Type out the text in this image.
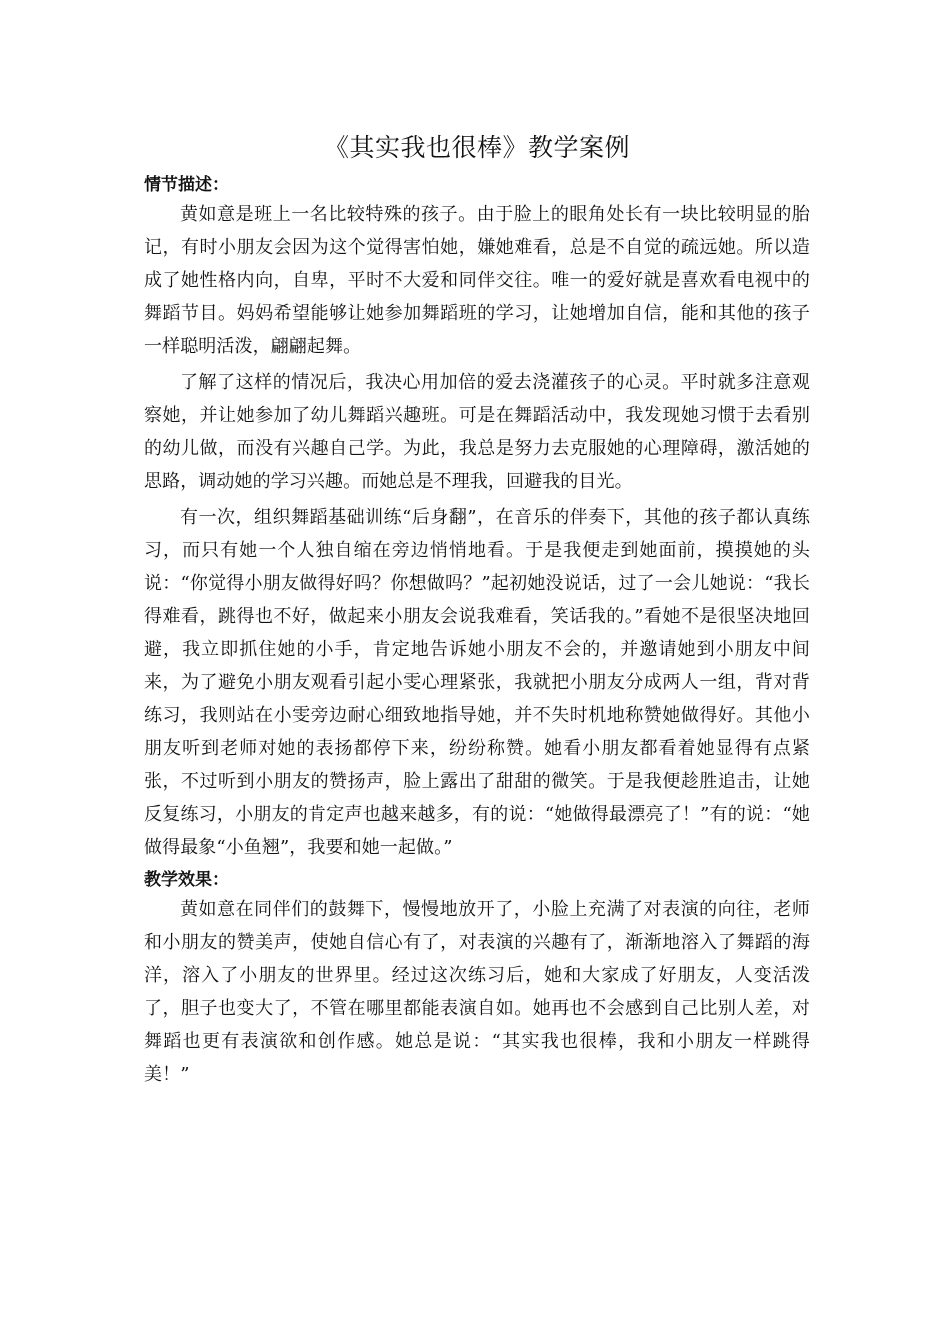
《其实我也很棒》教学案例
情节描述：

黄如意是班上一名比较特殊的孩子。由于脸上的眼角处长有一块比较明显的胎记，有时小朋友会因为这个觉得害怕她，嫌她难看，总是不自觉的疏远她。所以造成了她性格内向，自卑，平时不大爱和同伴交往。唯一的爱好就是喜欢看电视中的舞蹈节目。妈妈希望能够让她参加舞蹈班的学习，让她增加自信，能和其他的孩子一样聪明活泼，翩翩起舞。

了解了这样的情况后，我决心用加倍的爱去浇灌孩子的心灵。平时就多注意观察她，并让她参加了幼儿舞蹈兴趣班。可是在舞蹈活动中，我发现她习惯于去看别的幼儿做，而没有兴趣自己学。为此，我总是努力去克服她的心理障碍，激活她的思路，调动她的学习兴趣。而她总是不理我，回避我的目光。

有一次，组织舞蹈基础训练“后身翻”，在音乐的伴奏下，其他的孩子都认真练习，而只有她一个人独自缩在旁边悄悄地看。于是我便走到她面前，摸摸她的头说：“你觉得小朋友做得好吗？你想做吗？”起初她没说话，过了一会儿她说：“我长得难看，跳得也不好，做起来小朋友会说我难看，笑话我的。”看她不是很坚决地回避，我立即抓住她的小手，肯定地告诉她小朋友不会的，并邀请她到小朋友中间来，为了避免小朋友观看引起小雯心理紧张，我就把小朋友分成两人一组，背对背练习，我则站在小雯旁边耐心细致地指导她，并不失时机地称赞她做得好。其他小朋友听到老师对她的表扬都停下来，纷纷称赞。她看小朋友都看着她显得有点紧张，不过听到小朋友的赞扬声，脸上露出了甜甜的微笑。于是我便趁胜追击，让她反复练习，小朋友的肯定声也越来越多，有的说：“她做得最漂亮了！”有的说：“她做得最象“小鱼翘”，我要和她一起做。”

教学效果：

黄如意在同伴们的鼓舞下，慢慢地放开了，小脸上充满了对表演的向往，老师和小朋友的赞美声，使她自信心有了，对表演的兴趣有了，渐渐地溶入了舞蹈的海洋，溶入了小朋友的世界里。经过这次练习后，她和大家成了好朋友，人变活泼了，胆子也变大了，不管在哪里都能表演自如。她再也不会感到自己比别人差，对舞蹈也更有表演欲和创作感。她总是说：“其实我也很棒，我和小朋友一样跳得美！”
